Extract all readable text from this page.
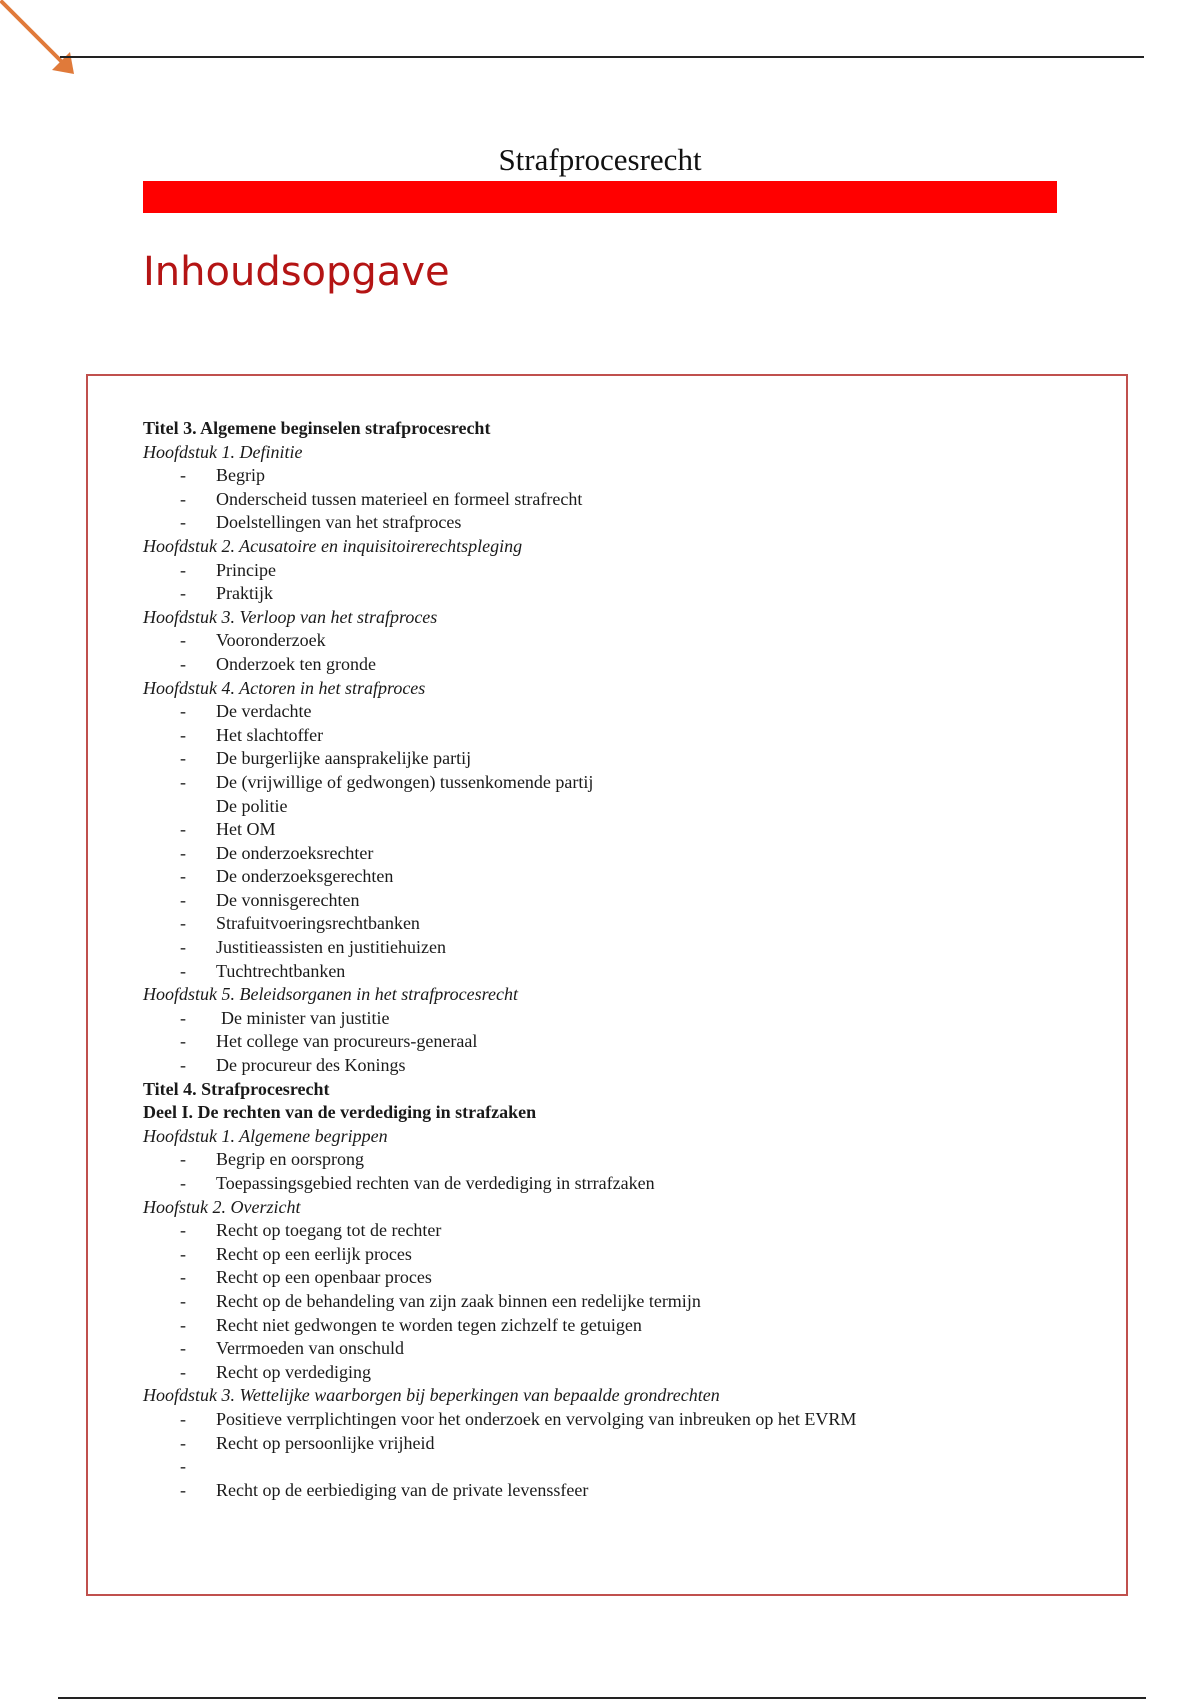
Strafprocesrecht
Inhoudsopgave
Titel 3. Algemene beginselen strafprocesrecht
Hoofdstuk 1. Definitie
- Begrip
- Onderscheid tussen materieel en formeel strafrecht
- Doelstellingen van het strafproces
Hoofdstuk 2. Acusatoire en inquisitoirerechtspleging
- Principe
- Praktijk
Hoofdstuk 3. Verloop van het strafproces
- Vooronderzoek
- Onderzoek ten gronde
Hoofdstuk 4. Actoren in het strafproces
- De verdachte
- Het slachtoffer
- De burgerlijke aansprakelijke partij
- De (vrijwillige of gedwongen) tussenkomende partij
De politie
- Het OM
- De onderzoeksrechter
- De onderzoeksgerechten
- De vonnisgerechten
- Strafuitvoeringsrechtbanken
- Justitieassisten en justitiehuizen
- Tuchtrechtbanken
Hoofdstuk 5. Beleidsorganen in het strafprocesrecht
- De minister van justitie
- Het college van procureurs-generaal
- De procureur des Konings
Titel 4. Strafprocesrecht
Deel I. De rechten van de verdediging in strafzaken
Hoofdstuk 1. Algemene begrippen
- Begrip en oorsprong
- Toepassingsgebied rechten van de verdediging in strrafzaken
Hoofstuk 2. Overzicht
- Recht op toegang tot de rechter
- Recht op een eerlijk proces
- Recht op een openbaar proces
- Recht op de behandeling van zijn zaak binnen een redelijke termijn
- Recht niet gedwongen te worden tegen zichzelf te getuigen
- Verrmoeden van onschuld
- Recht op verdediging
Hoofdstuk 3. Wettelijke waarborgen bij beperkingen van bepaalde grondrechten
- Positieve verrplichtingen voor het onderzoek en vervolging van inbreuken op het EVRM
- Recht op persoonlijke vrijheid
-
- Recht op de eerbiediging van de private levenssfeer
